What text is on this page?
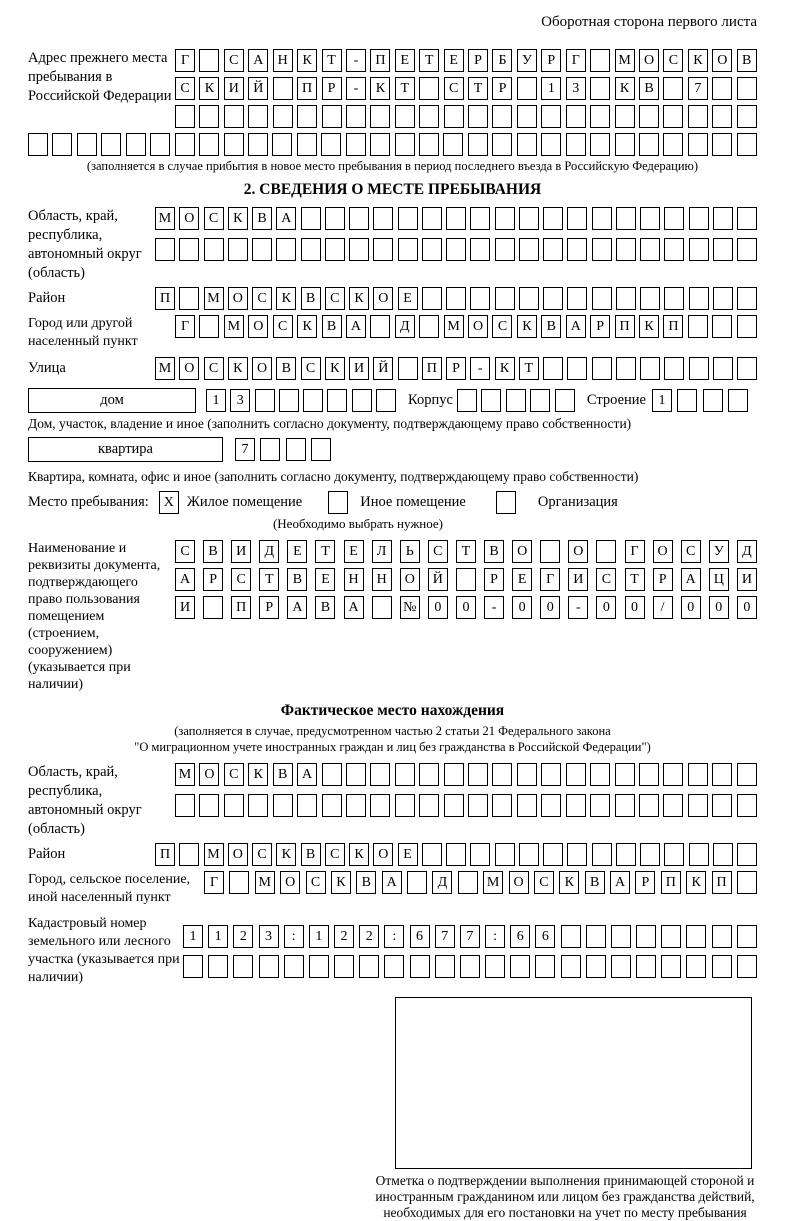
Оборотная сторона первого листа
Адрес прежнего места пребывания в Российской Федерации
Г	С	А	Н	К	Т	-	П	Е	Т	Е	Р	Б	У	Р	Г	М О	С	К	О	В
С	К	И	Й	П	Р	-	К	Т	С	Т	Р	1	3	К	В	7
(заполняется в случае прибытия в новое место пребывания в период последнего въезда в Российскую Федерацию)
2. СВЕДЕНИЯ О МЕСТЕ ПРЕБЫВАНИЯ
Область, край, республика, автономный округ (область)
М О	С	К	В	А
Район	П	М О	С	К	В	С	К	О	Е
Город или другой населенный пункт
Г	М О	С	К	В	А	Д	М О	С	К	В	А	Р	П	К	П
Улица	М О	С	К	О	В	С	К	И	Й	П	Р	-	К	Т
дом	1	3	Корпус	Строение 1
Дом, участок, владение и иное (заполнить согласно документу, подтверждающему право собственности)
квартира	7
Квартира, комната, офис и иное (заполнить согласно документу, подтверждающему право собственности)
Место пребывания:	X Жилое помещение	Иное помещение	Организация
(Необходимо выбрать нужное)
Наименование и реквизиты документа, подтверждающего право пользования помещением (строением, сооружением) (указывается при наличии)
С	В	И	Д	Е	Т	Е	Л	Ь	С	Т	В	О	О	Г	О	С	У	Д
А	Р	С	Т	В	Е	Н	Н	О	Й	Р	Е	Г	И	С	Т	Р	А	Ц	И
И	П	Р	А	В	А	№	0	0	-	0	0	-	0	0	/	0	0	0
Фактическое место нахождения
(заполняется в случае, предусмотренном частью 2 статьи 21 Федерального закона
"О миграционном учете иностранных граждан и лиц без гражданства в Российской Федерации")
Область, край, республика, автономный округ (область)
М О	С	К	В	А
Район	П	М О	С	К	В	С	К	О	Е
Город, сельское поселение, иной населенный пункт
Г	М	О	С	К	В	А	Д	М	О	С	К	В	А	Р	П	К	П
Кадастровый номер земельного или лесного участка (указывается при наличии)
1	1	2	3	:	1	2	2	:	6	7	7	:	6	6
Отметка о подтверждении выполнения принимающей стороной и иностранным гражданином или лицом без гражданства действий, необходимых для его постановки на учет по месту пребывания
